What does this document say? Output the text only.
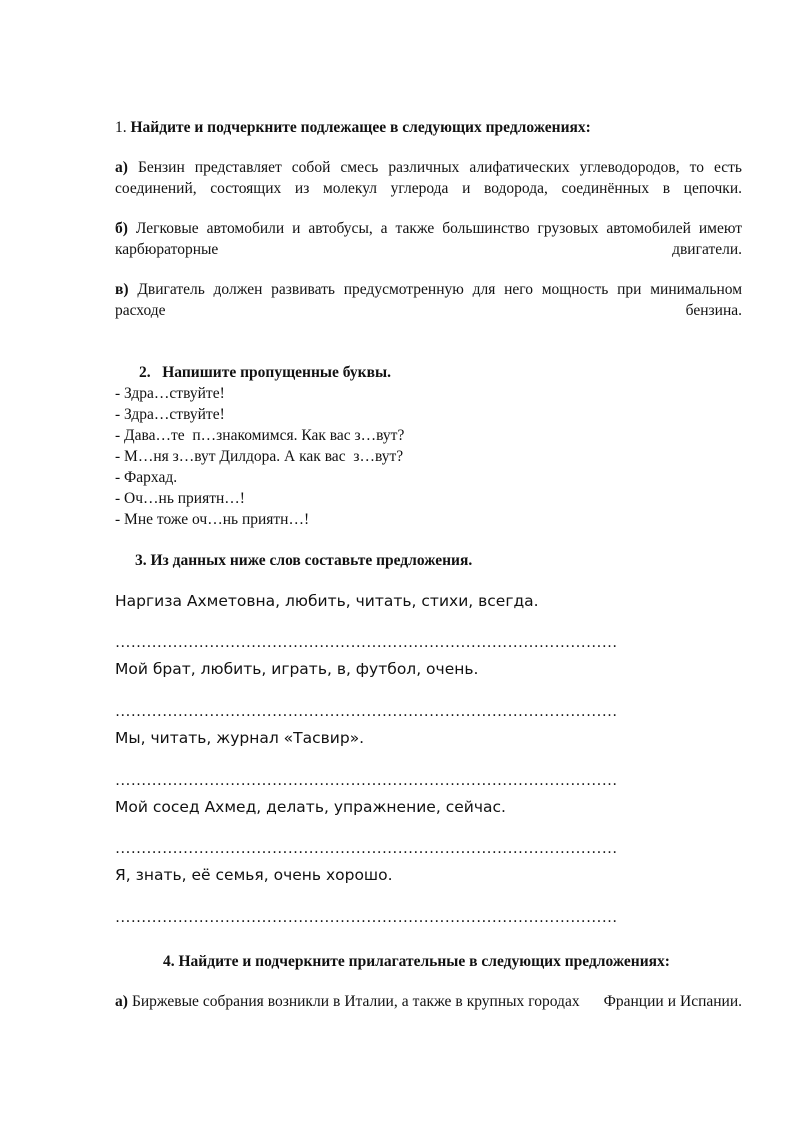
1. Найдите и подчеркните подлежащее в следующих предложениях:
а) Бензин представляет собой смесь различных алифатических углеводородов, то есть соединений, состоящих из молекул углерода и водорода, соединённых в цепочки.
б) Легковые автомобили и автобусы, а также большинство грузовых автомобилей имеют карбюраторные двигатели.
в) Двигатель должен развивать предусмотренную для него мощность при минимальном расходе бензина.
2. Напишите пропущенные буквы.
- Здра…ствуйте!
- Здра…ствуйте!
- Дава…те  п…знакомимся. Как вас з…вут?
- М…ня з…вут Дилдора. А как вас  з…вут?
- Фархад.
- Оч…нь приятн…!
- Мне тоже оч…нь приятн…!
3. Из данных ниже слов составьте предложения.
Наргиза Ахметовна, любить, читать, стихи, всегда.
……………………………………………………………………………………
Мой брат, любить, играть, в, футбол, очень.
……………………………………………………………………………………
Мы, читать, журнал «Тасвир».
……………………………………………………………………………………
Мой сосед Ахмед, делать, упражнение, сейчас.
……………………………………………………………………………………
Я, знать, её семья, очень хорошо.
……………………………………………………………………………………
4. Найдите и подчеркните прилагательные в следующих предложениях:
а) Биржевые собрания возникли в Италии, а также в крупных городах      Франции и Испании.
